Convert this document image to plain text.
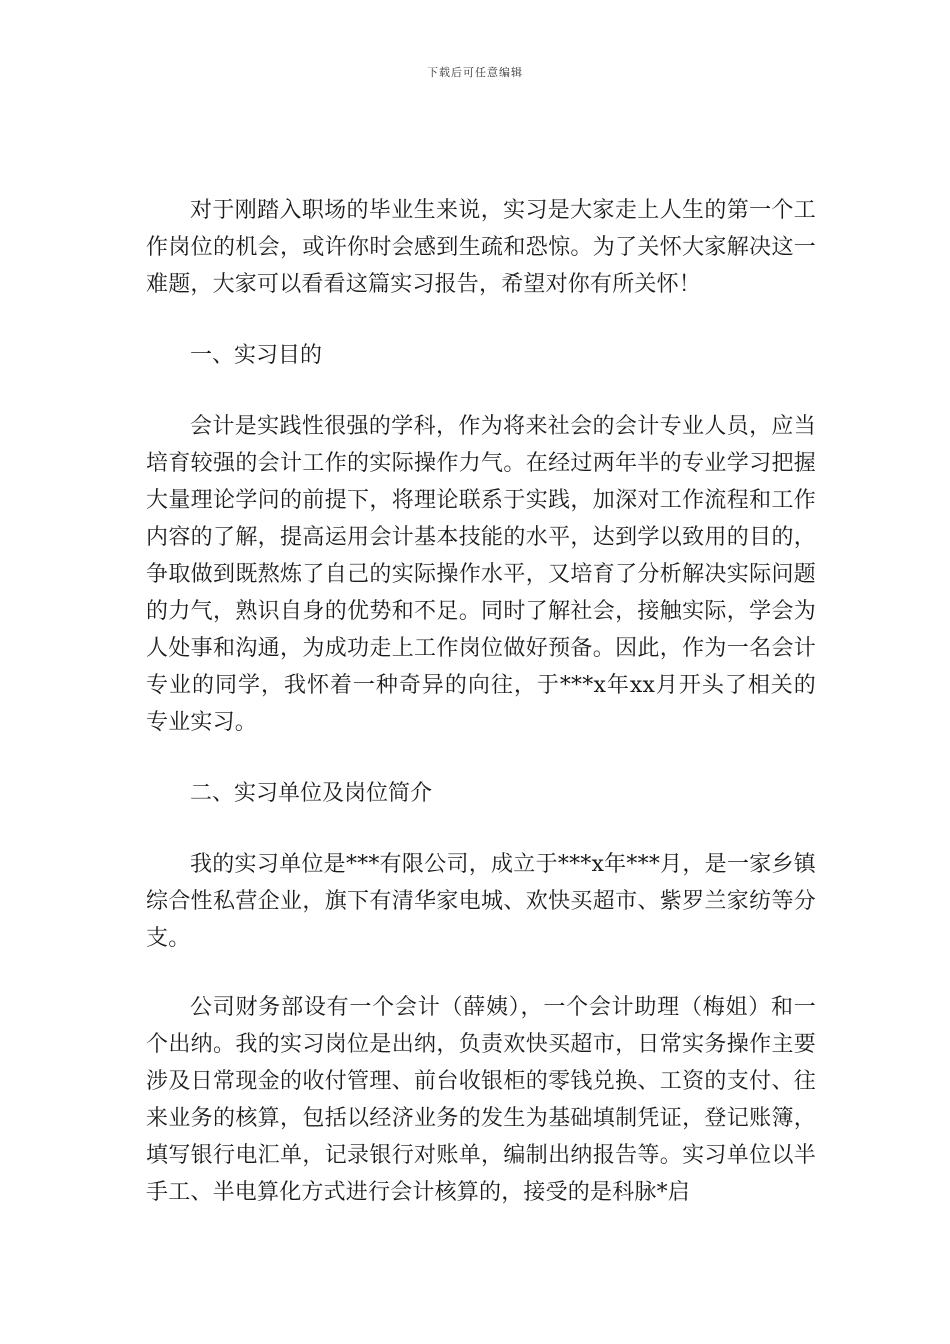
下载后可任意编辑

对于刚踏入职场的毕业生来说，实习是大家走上人生的第一个工作岗位的机会，或许你时会感到生疏和恐惊。为了关怀大家解决这一难题，大家可以看看这篇实习报告，希望对你有所关怀！

一、实习目的

会计是实践性很强的学科，作为将来社会的会计专业人员，应当培育较强的会计工作的实际操作力气。在经过两年半的专业学习把握大量理论学问的前提下，将理论联系于实践，加深对工作流程和工作内容的了解，提高运用会计基本技能的水平，达到学以致用的目的，争取做到既熬炼了自己的实际操作水平，又培育了分析解决实际问题的力气，熟识自身的优势和不足。同时了解社会，接触实际，学会为人处事和沟通，为成功走上工作岗位做好预备。因此，作为一名会计专业的同学，我怀着一种奇异的向往，于***x年xx月开头了相关的专业实习。

二、实习单位及岗位简介

我的实习单位是***有限公司，成立于***x年***月，是一家乡镇综合性私营企业，旗下有清华家电城、欢快买超市、紫罗兰家纺等分支。

公司财务部设有一个会计（薛姨），一个会计助理（梅姐）和一个出纳。我的实习岗位是出纳，负责欢快买超市，日常实务操作主要涉及日常现金的收付管理、前台收银柜的零钱兑换、工资的支付、往来业务的核算，包括以经济业务的发生为基础填制凭证，登记账簿，填写银行电汇单，记录银行对账单，编制出纳报告等。实习单位以半手工、半电算化方式进行会计核算的，接受的是科脉*启
